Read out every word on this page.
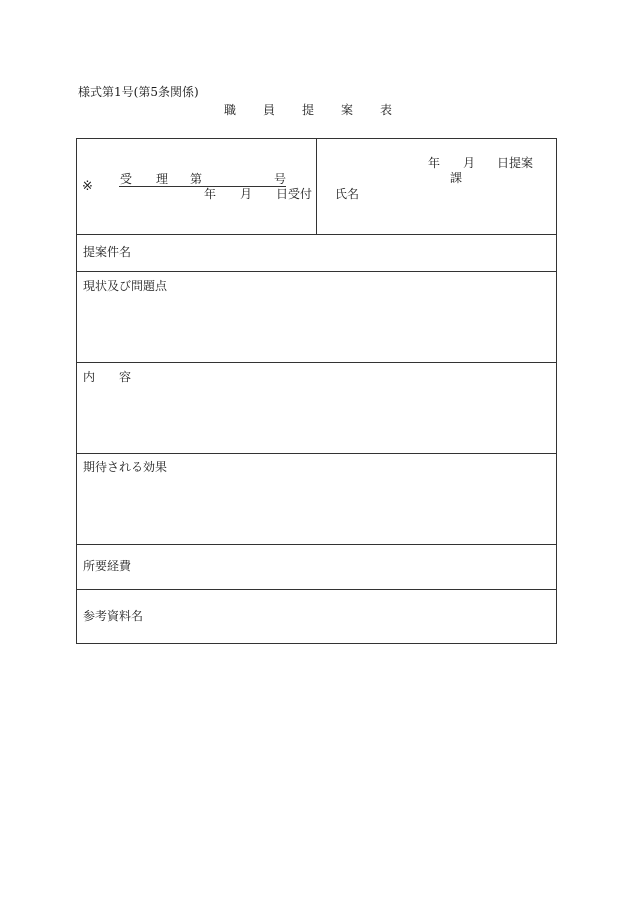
様式第1号(第5条関係)
職員提案表
※ 受 理 第	号
年 月 日受付
年 月 日提案
課
氏名
提案件名
現状及び問題点
内　　容
期待される効果
所要経費
参考資料名
